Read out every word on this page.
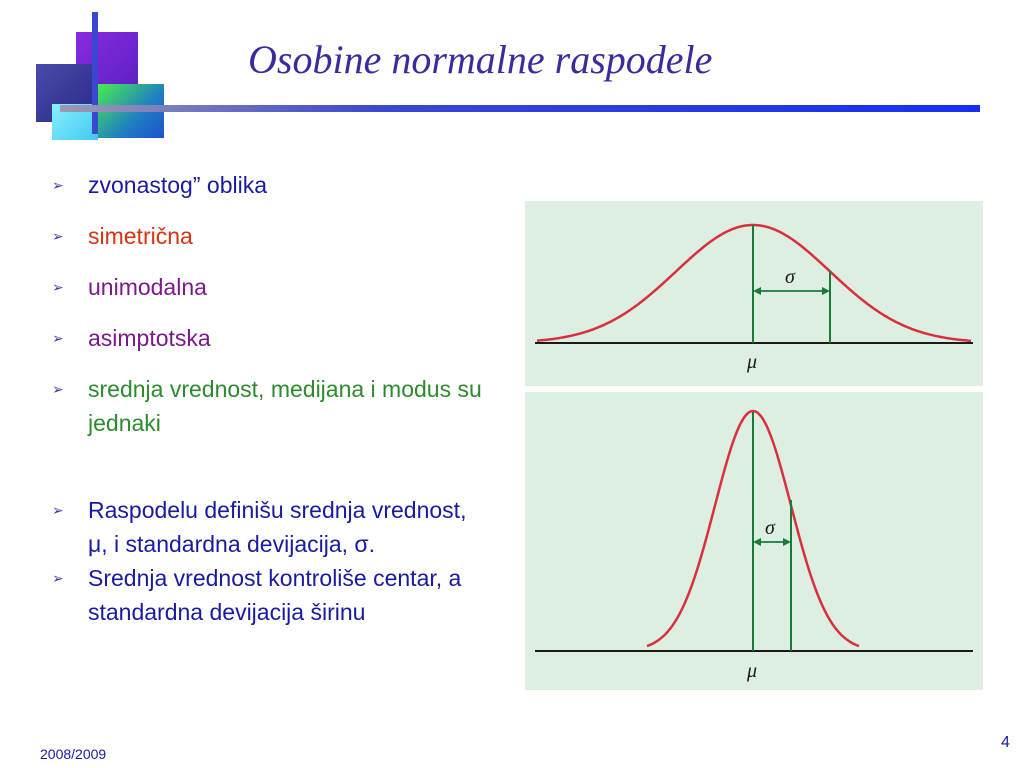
Osobine normalne raspodele
➢ zvonastog” oblika
➢ simetrična
➢ unimodalna
➢ asimptotska
➢ srednja vrednost, medijana i modus su jednaki
➢ Raspodelu definišu srednja vrednost, μ, i standardna devijacija, σ.
➢ Srednja vrednost kontroliše centar, a standardna devijacija širinu
σ
μ
σ
μ
2008/2009
4
